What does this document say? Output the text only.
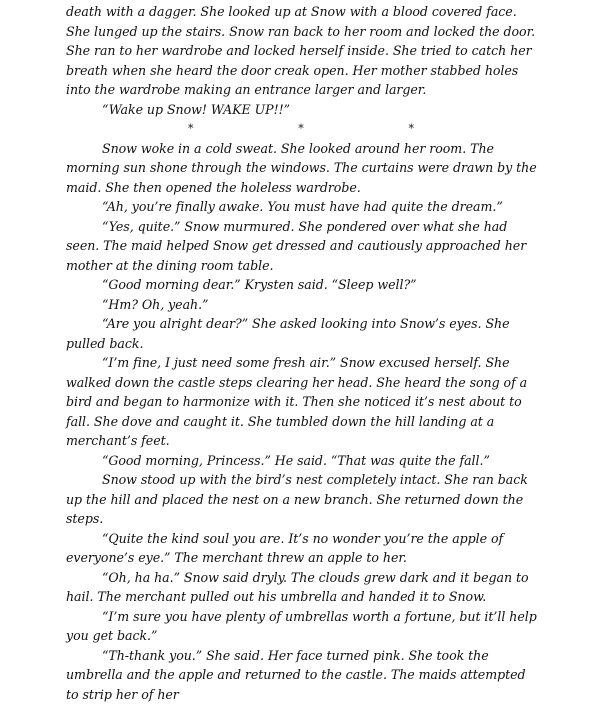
death with a dagger. She looked up at Snow with a blood covered face. She lunged up the stairs. Snow ran back to her room and locked the door. She ran to her wardrobe and locked herself inside. She tried to catch her breath when she heard the door creak open. Her mother stabbed holes into the wardrobe making an entrance larger and larger.

“Wake up Snow! WAKE UP!!”

*	*	*

Snow woke in a cold sweat. She looked around her room. The morning sun shone through the windows. The curtains were drawn by the maid. She then opened the holeless wardrobe.

“Ah, you’re finally awake. You must have had quite the dream.”

“Yes, quite.” Snow murmured. She pondered over what she had seen. The maid helped Snow get dressed and cautiously approached her mother at the dining room table.

“Good morning dear.” Krysten said. “Sleep well?”

“Hm? Oh, yeah.”

“Are you alright dear?” She asked looking into Snow’s eyes. She pulled back.

“I’m fine, I just need some fresh air.” Snow excused herself. She walked down the castle steps clearing her head. She heard the song of a bird and began to harmonize with it. Then she noticed it’s nest about to fall. She dove and caught it. She tumbled down the hill landing at a merchant’s feet.

“Good morning, Princess.” He said. “That was quite the fall.”

Snow stood up with the bird’s nest completely intact. She ran back up the hill and placed the nest on a new branch. She returned down the steps.

“Quite the kind soul you are. It’s no wonder you’re the apple of everyone’s eye.” The merchant threw an apple to her.

“Oh, ha ha.” Snow said dryly. The clouds grew dark and it began to hail. The merchant pulled out his umbrella and handed it to Snow.

“I’m sure you have plenty of umbrellas worth a fortune, but it’ll help you get back.”

“Th-thank you.” She said. Her face turned pink. She took the umbrella and the apple and returned to the castle. The maids attempted to strip her of her
